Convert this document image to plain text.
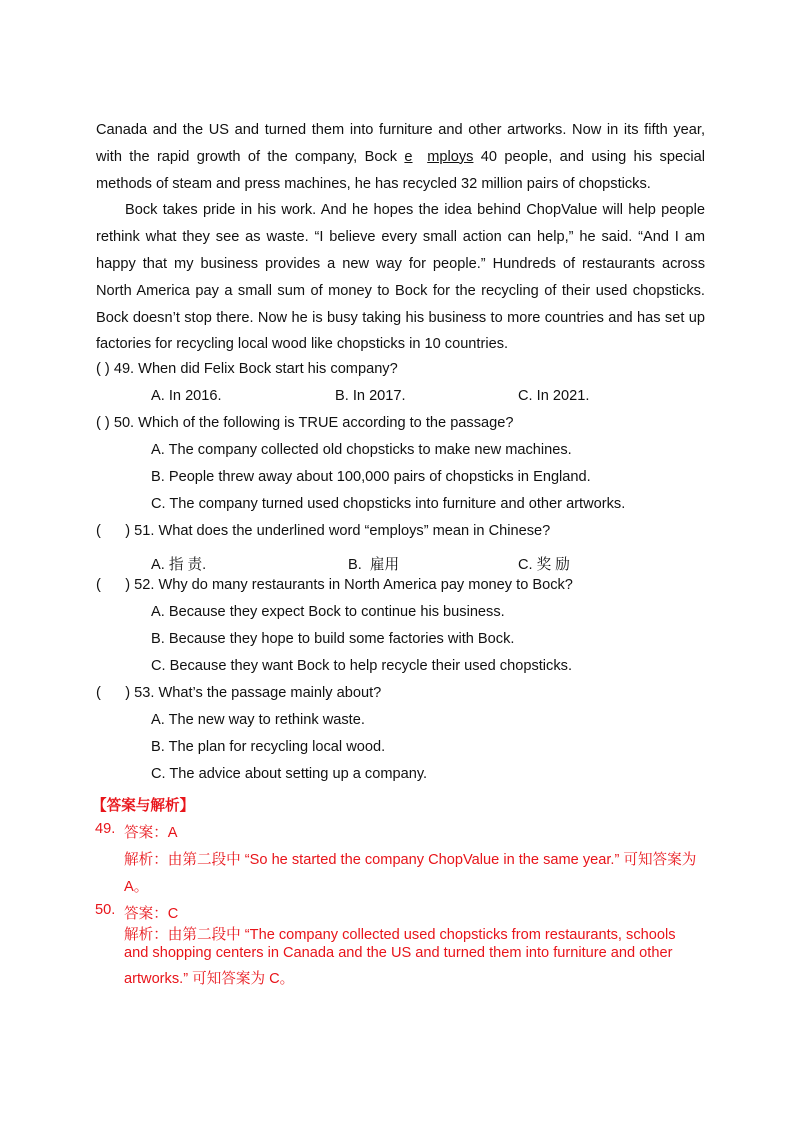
Canada and the US and turned them into furniture and other artworks. Now in its fifth year, with the rapid growth of the company, Bock e mploys 40 people, and using his special methods of steam and press machines, he has recycled 32 million pairs of chopsticks.

Bock takes pride in his work. And he hopes the idea behind ChopValue will help people rethink what they see as waste. “I believe every small action can help,” he said. “And I am happy that my business provides a new way for people.” Hundreds of restaurants across North America pay a small sum of money to Bock for the recycling of their used chopsticks. Bock doesn’t stop there. Now he is busy taking his business to more countries and has set up factories for recycling local wood like chopsticks in 10 countries.

( ) 49. When did Felix Bock start his company?
A. In 2016.	B. In 2017.	C. In 2021.
( ) 50. Which of the following is TRUE according to the passage?
A. The company collected old chopsticks to make new machines.
B. People threw away about 100,000 pairs of chopsticks in England.
C. The company turned used chopsticks into furniture and other artworks.
(      ) 51. What does the underlined word “employs” mean in Chinese?
A. 指 责.	B.  雇用	C. 奖 励
(      ) 52. Why do many restaurants in North America pay money to Bock?
A. Because they expect Bock to continue his business.
B. Because they hope to build some factories with Bock.
C. Because they want Bock to help recycle their used chopsticks.
(      ) 53. What’s the passage mainly about?
A. The new way to rethink waste.
B. The plan for recycling local wood.
C. The advice about setting up a company.
【答案与解析】
49. 答案：A
解析：由第二段中 “So he started the company ChopValue in the same year.” 可知答案为
A。
50. 答案：C
解析：由第二段中 “The company collected used chopsticks from restaurants, schools
and shopping centers in Canada and the US and turned them into furniture and other
artworks.” 可知答案为 C。
